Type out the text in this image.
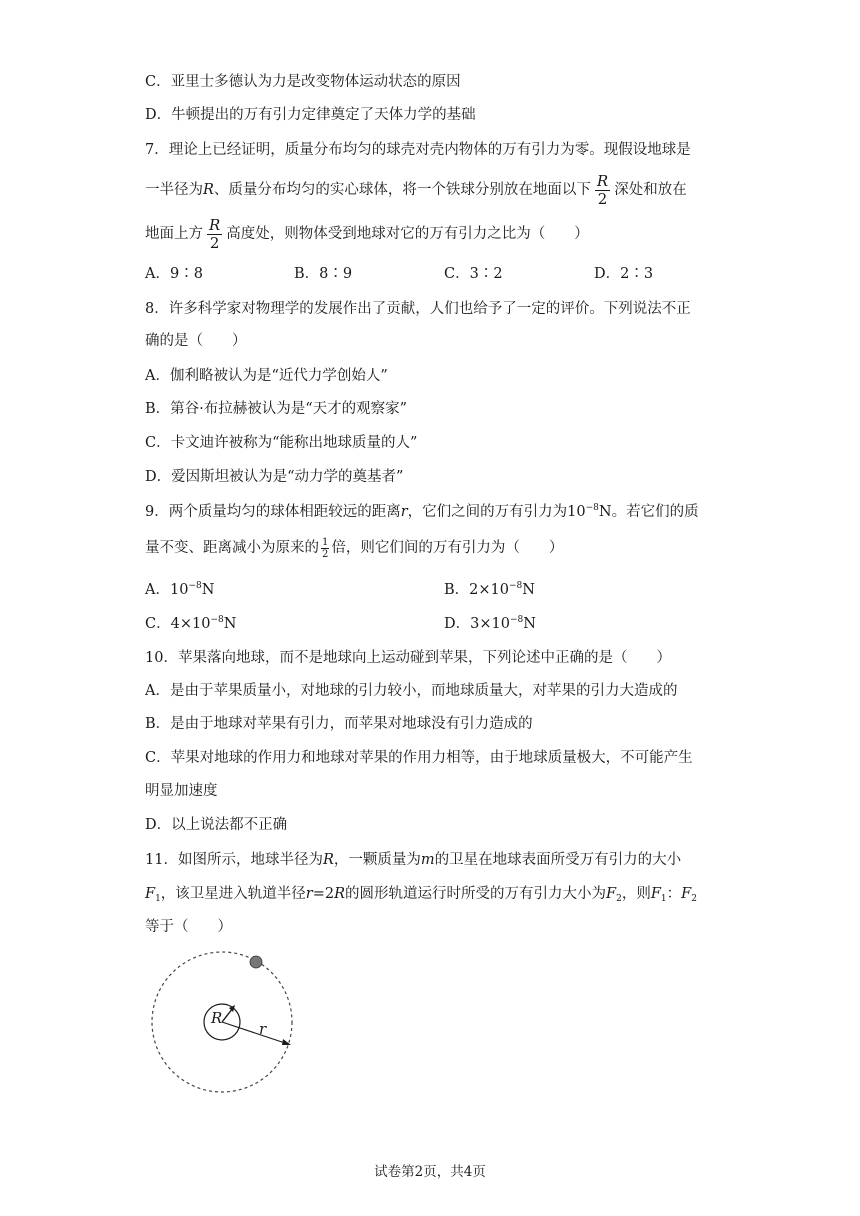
C．亚里士多德认为力是改变物体运动状态的原因
D．牛顿提出的万有引力定律奠定了天体力学的基础
7．理论上已经证明，质量分布均匀的球壳对壳内物体的万有引力为零。现假设地球是
一半径为R、质量分布均匀的实心球体，将一个铁球分别放在地面以下 $\frac{R}{2}$ 深处和放在
地面上方 $\frac{R}{2}$ 高度处，则物体受到地球对它的万有引力之比为（　　）
A．9∶8	B．8∶9	C．3∶2	D．2∶3
8．许多科学家对物理学的发展作出了贡献，人们也给予了一定的评价。下列说法不正
确的是（　　）
A．伽利略被认为是“近代力学创始人”
B．第谷·布拉赫被认为是“天才的观察家”
C．卡文迪许被称为“能称出地球质量的人”
D．爱因斯坦被认为是“动力学的奠基者”
9．两个质量均匀的球体相距较远的距离r，它们之间的万有引力为$10^{-8}N$。若它们的质
量不变、距离减小为原来的 $\frac{1}{2}$ 倍，则它们间的万有引力为（　　）
A．$10^{-8}N$	B．$2\times 10^{-8}N$
C．$4\times 10^{-8}N$	D．$3\times 10^{-8}N$
10．苹果落向地球，而不是地球向上运动碰到苹果，下列论述中正确的是（　　）
A．是由于苹果质量小，对地球的引力较小，而地球质量大，对苹果的引力大造成的
B．是由于地球对苹果有引力，而苹果对地球没有引力造成的
C．苹果对地球的作用力和地球对苹果的作用力相等，由于地球质量极大，不可能产生
明显加速度
D．以上说法都不正确
11．如图所示，地球半径为R，一颗质量为m的卫星在地球表面所受万有引力的大小
$F_1$，该卫星进入轨道半径r=2R的圆形轨道运行时所受的万有引力大小为$F_2$，则$F_1$：$F_2$
等于（　　）
R
r
试卷第2页，共4页
